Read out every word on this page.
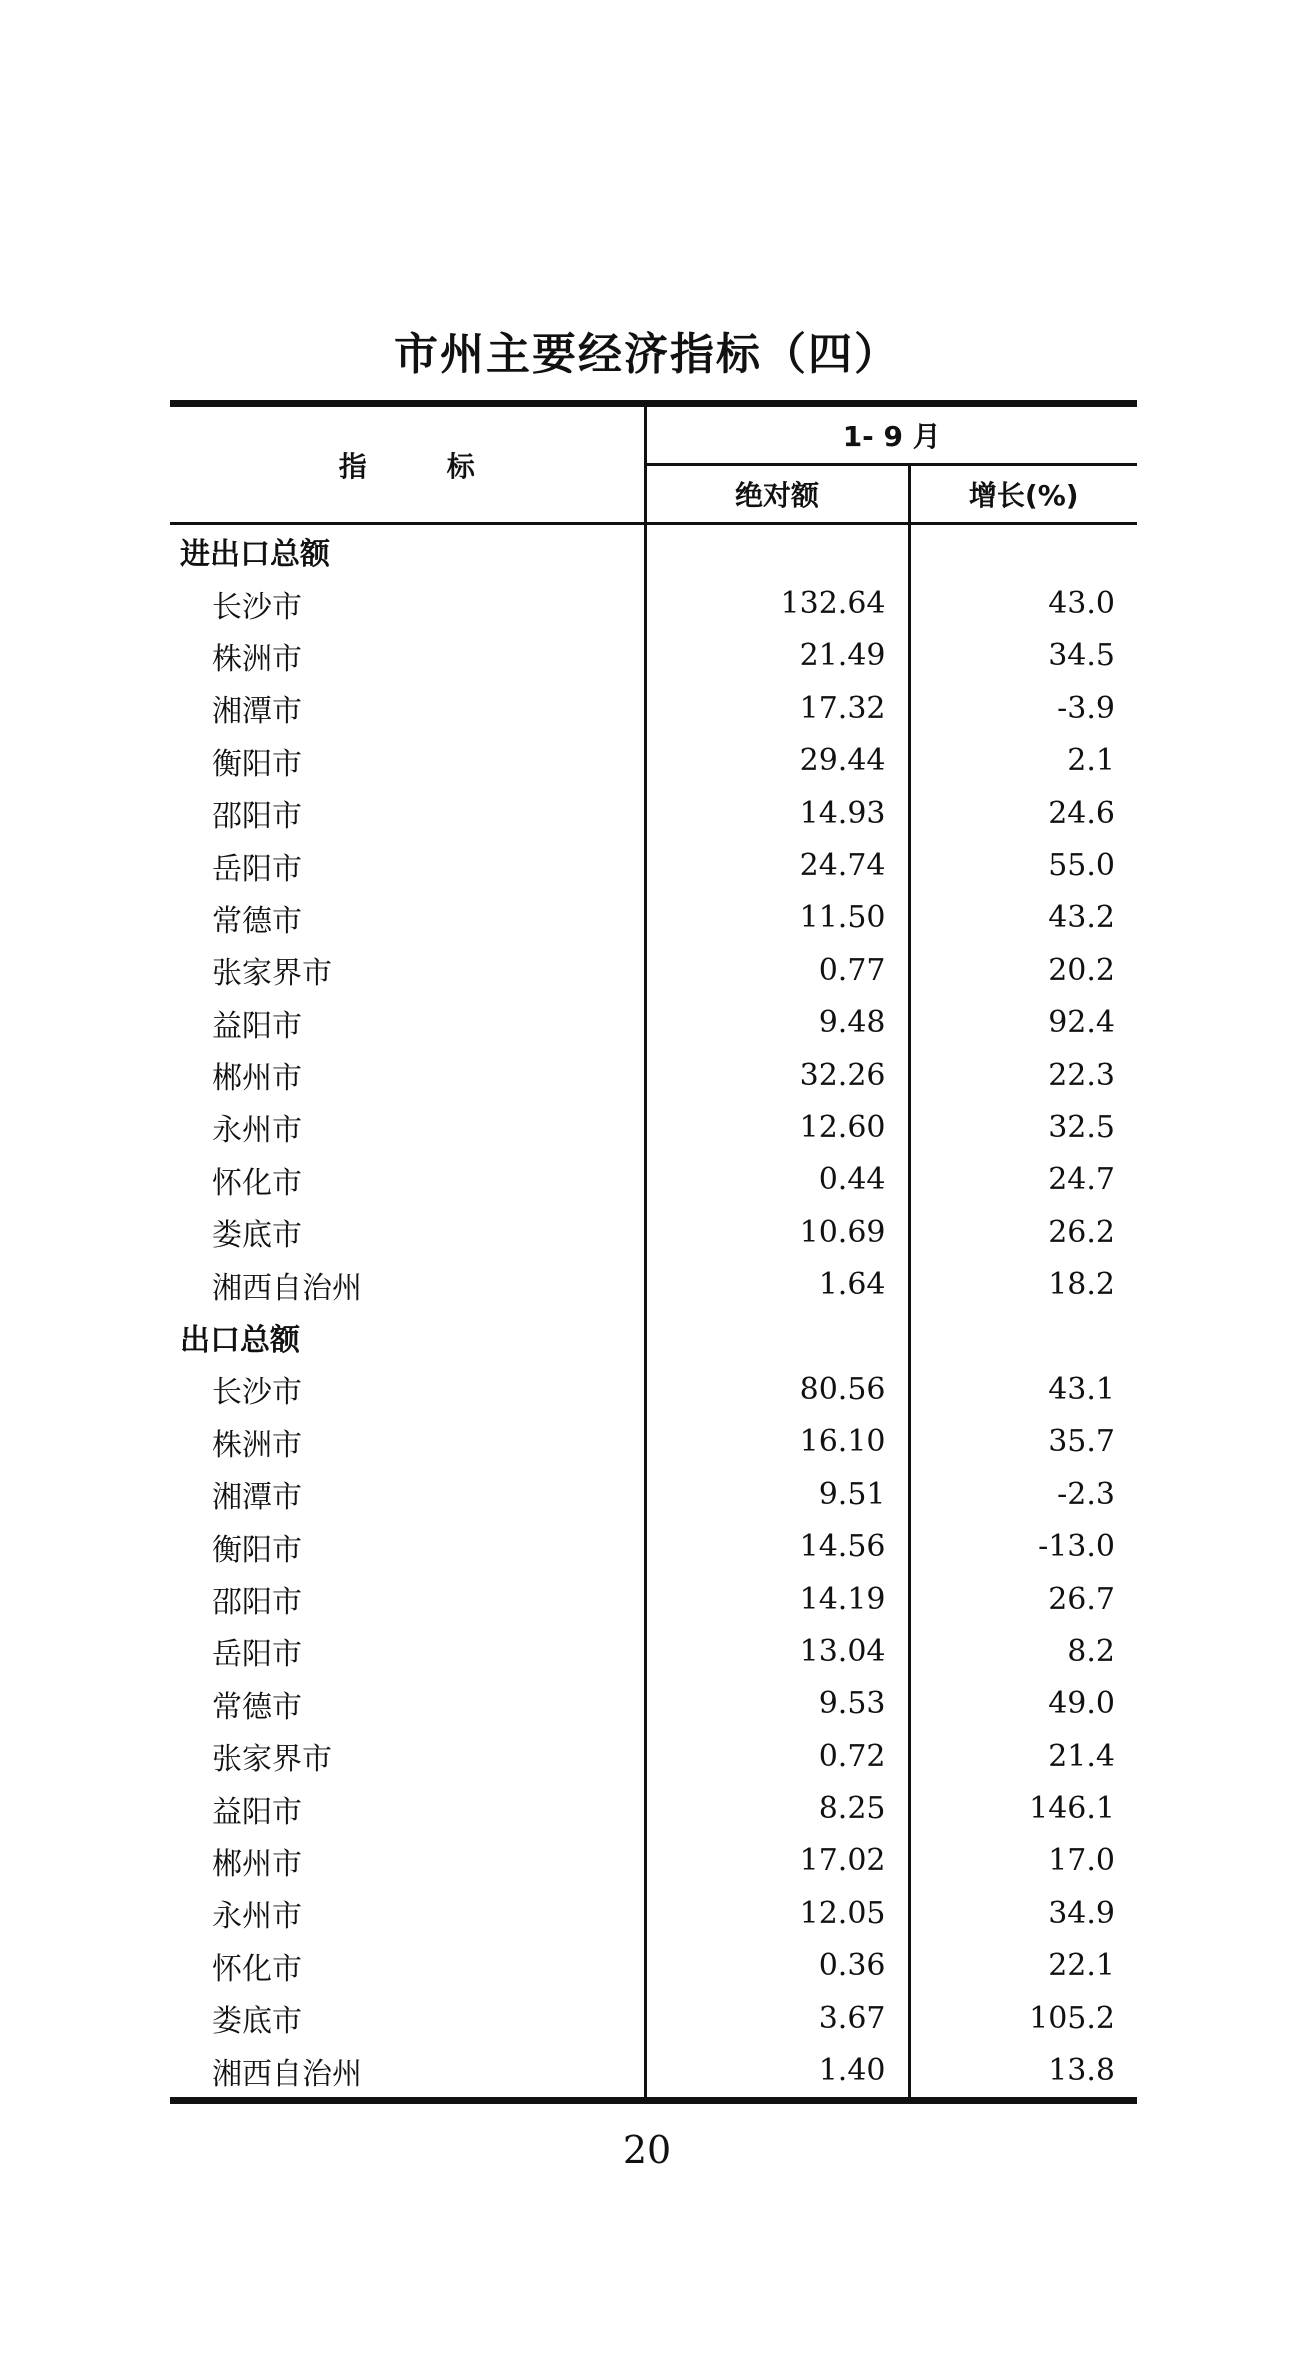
市州主要经济指标（四）
指 标	1- 9 月	
	绝对额	增长(%)
进出口总额		
长沙市	132.64	43.0
株洲市	21.49	34.5
湘潭市	17.32	-3.9
衡阳市	29.44	2.1
邵阳市	14.93	24.6
岳阳市	24.74	55.0
常德市	11.50	43.2
张家界市	0.77	20.2
益阳市	9.48	92.4
郴州市	32.26	22.3
永州市	12.60	32.5
怀化市	0.44	24.7
娄底市	10.69	26.2
湘西自治州	1.64	18.2
出口总额		
长沙市	80.56	43.1
株洲市	16.10	35.7
湘潭市	9.51	-2.3
衡阳市	14.56	-13.0
邵阳市	14.19	26.7
岳阳市	13.04	8.2
常德市	9.53	49.0
张家界市	0.72	21.4
益阳市	8.25	146.1
郴州市	17.02	17.0
永州市	12.05	34.9
怀化市	0.36	22.1
娄底市	3.67	105.2
湘西自治州	1.40	13.8
20
